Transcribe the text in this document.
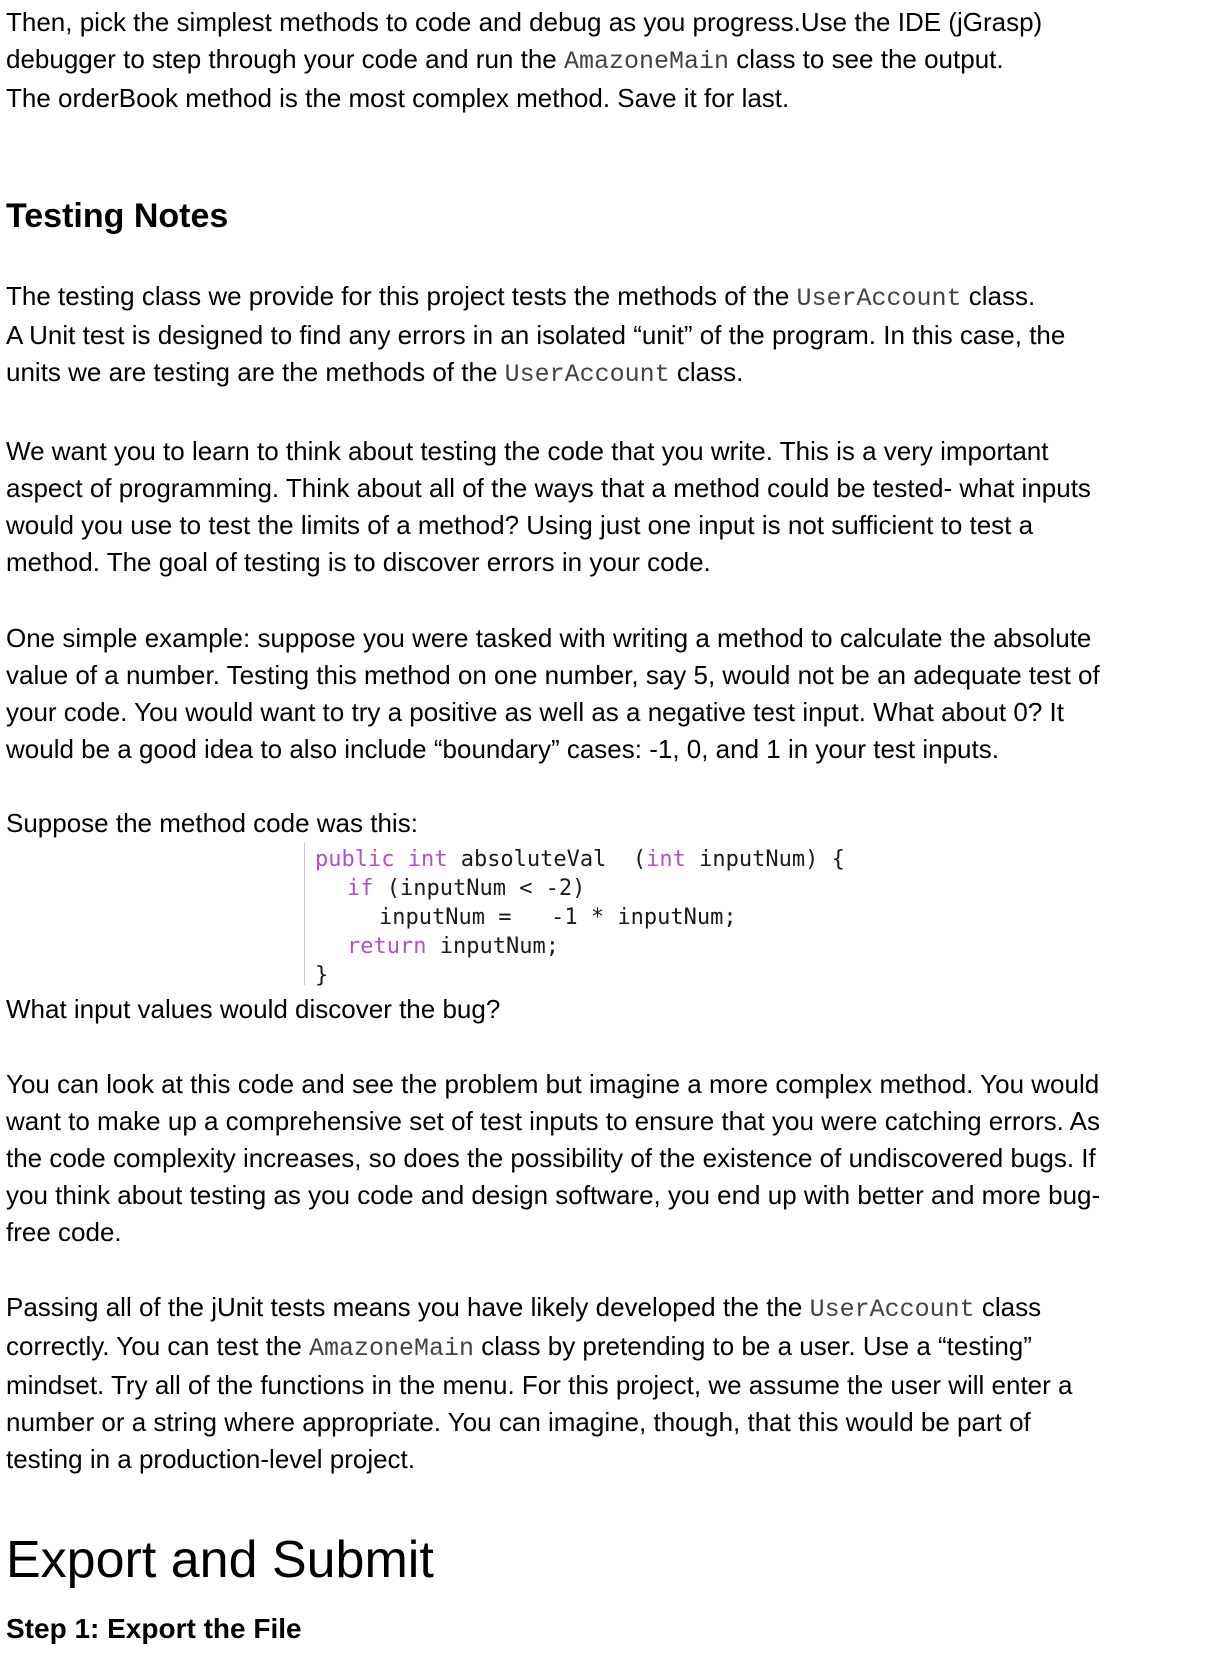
Then, pick the simplest methods to code and debug as you progress.Use the IDE (jGrasp)

debugger to step through your code and run the AmazoneMain class to see the output.

The orderBook method is the most complex method. Save it for last.

Testing Notes

The testing class we provide for this project tests the methods of the UserAccount class.

A Unit test is designed to find any errors in an isolated “unit” of the program. In this case, the

units we are testing are the methods of the UserAccount class.

We want you to learn to think about testing the code that you write. This is a very important

aspect of programming. Think about all of the ways that a method could be tested- what inputs

would you use to test the limits of a method? Using just one input is not sufficient to test a

method. The goal of testing is to discover errors in your code.

One simple example: suppose you were tasked with writing a method to calculate the absolute

value of a number. Testing this method on one number, say 5, would not be an adequate test of

your code. You would want to try a positive as well as a negative test input. What about 0? It

would be a good idea to also include “boundary” cases: -1, 0, and 1 in your test inputs.

Suppose the method code was this:

public int absoluteVal  (int inputNum) {
if (inputNum < -2)
inputNum =   -1 * inputNum;
return inputNum;
}

What input values would discover the bug?

You can look at this code and see the problem but imagine a more complex method. You would

want to make up a comprehensive set of test inputs to ensure that you were catching errors. As

the code complexity increases, so does the possibility of the existence of undiscovered bugs. If

you think about testing as you code and design software, you end up with better and more bug-

free code.

Passing all of the jUnit tests means you have likely developed the the UserAccount class

correctly. You can test the AmazoneMain class by pretending to be a user. Use a “testing”

mindset. Try all of the functions in the menu. For this project, we assume the user will enter a

number or a string where appropriate. You can imagine, though, that this would be part of

testing in a production-level project.

Export and Submit
Step 1: Export the File
